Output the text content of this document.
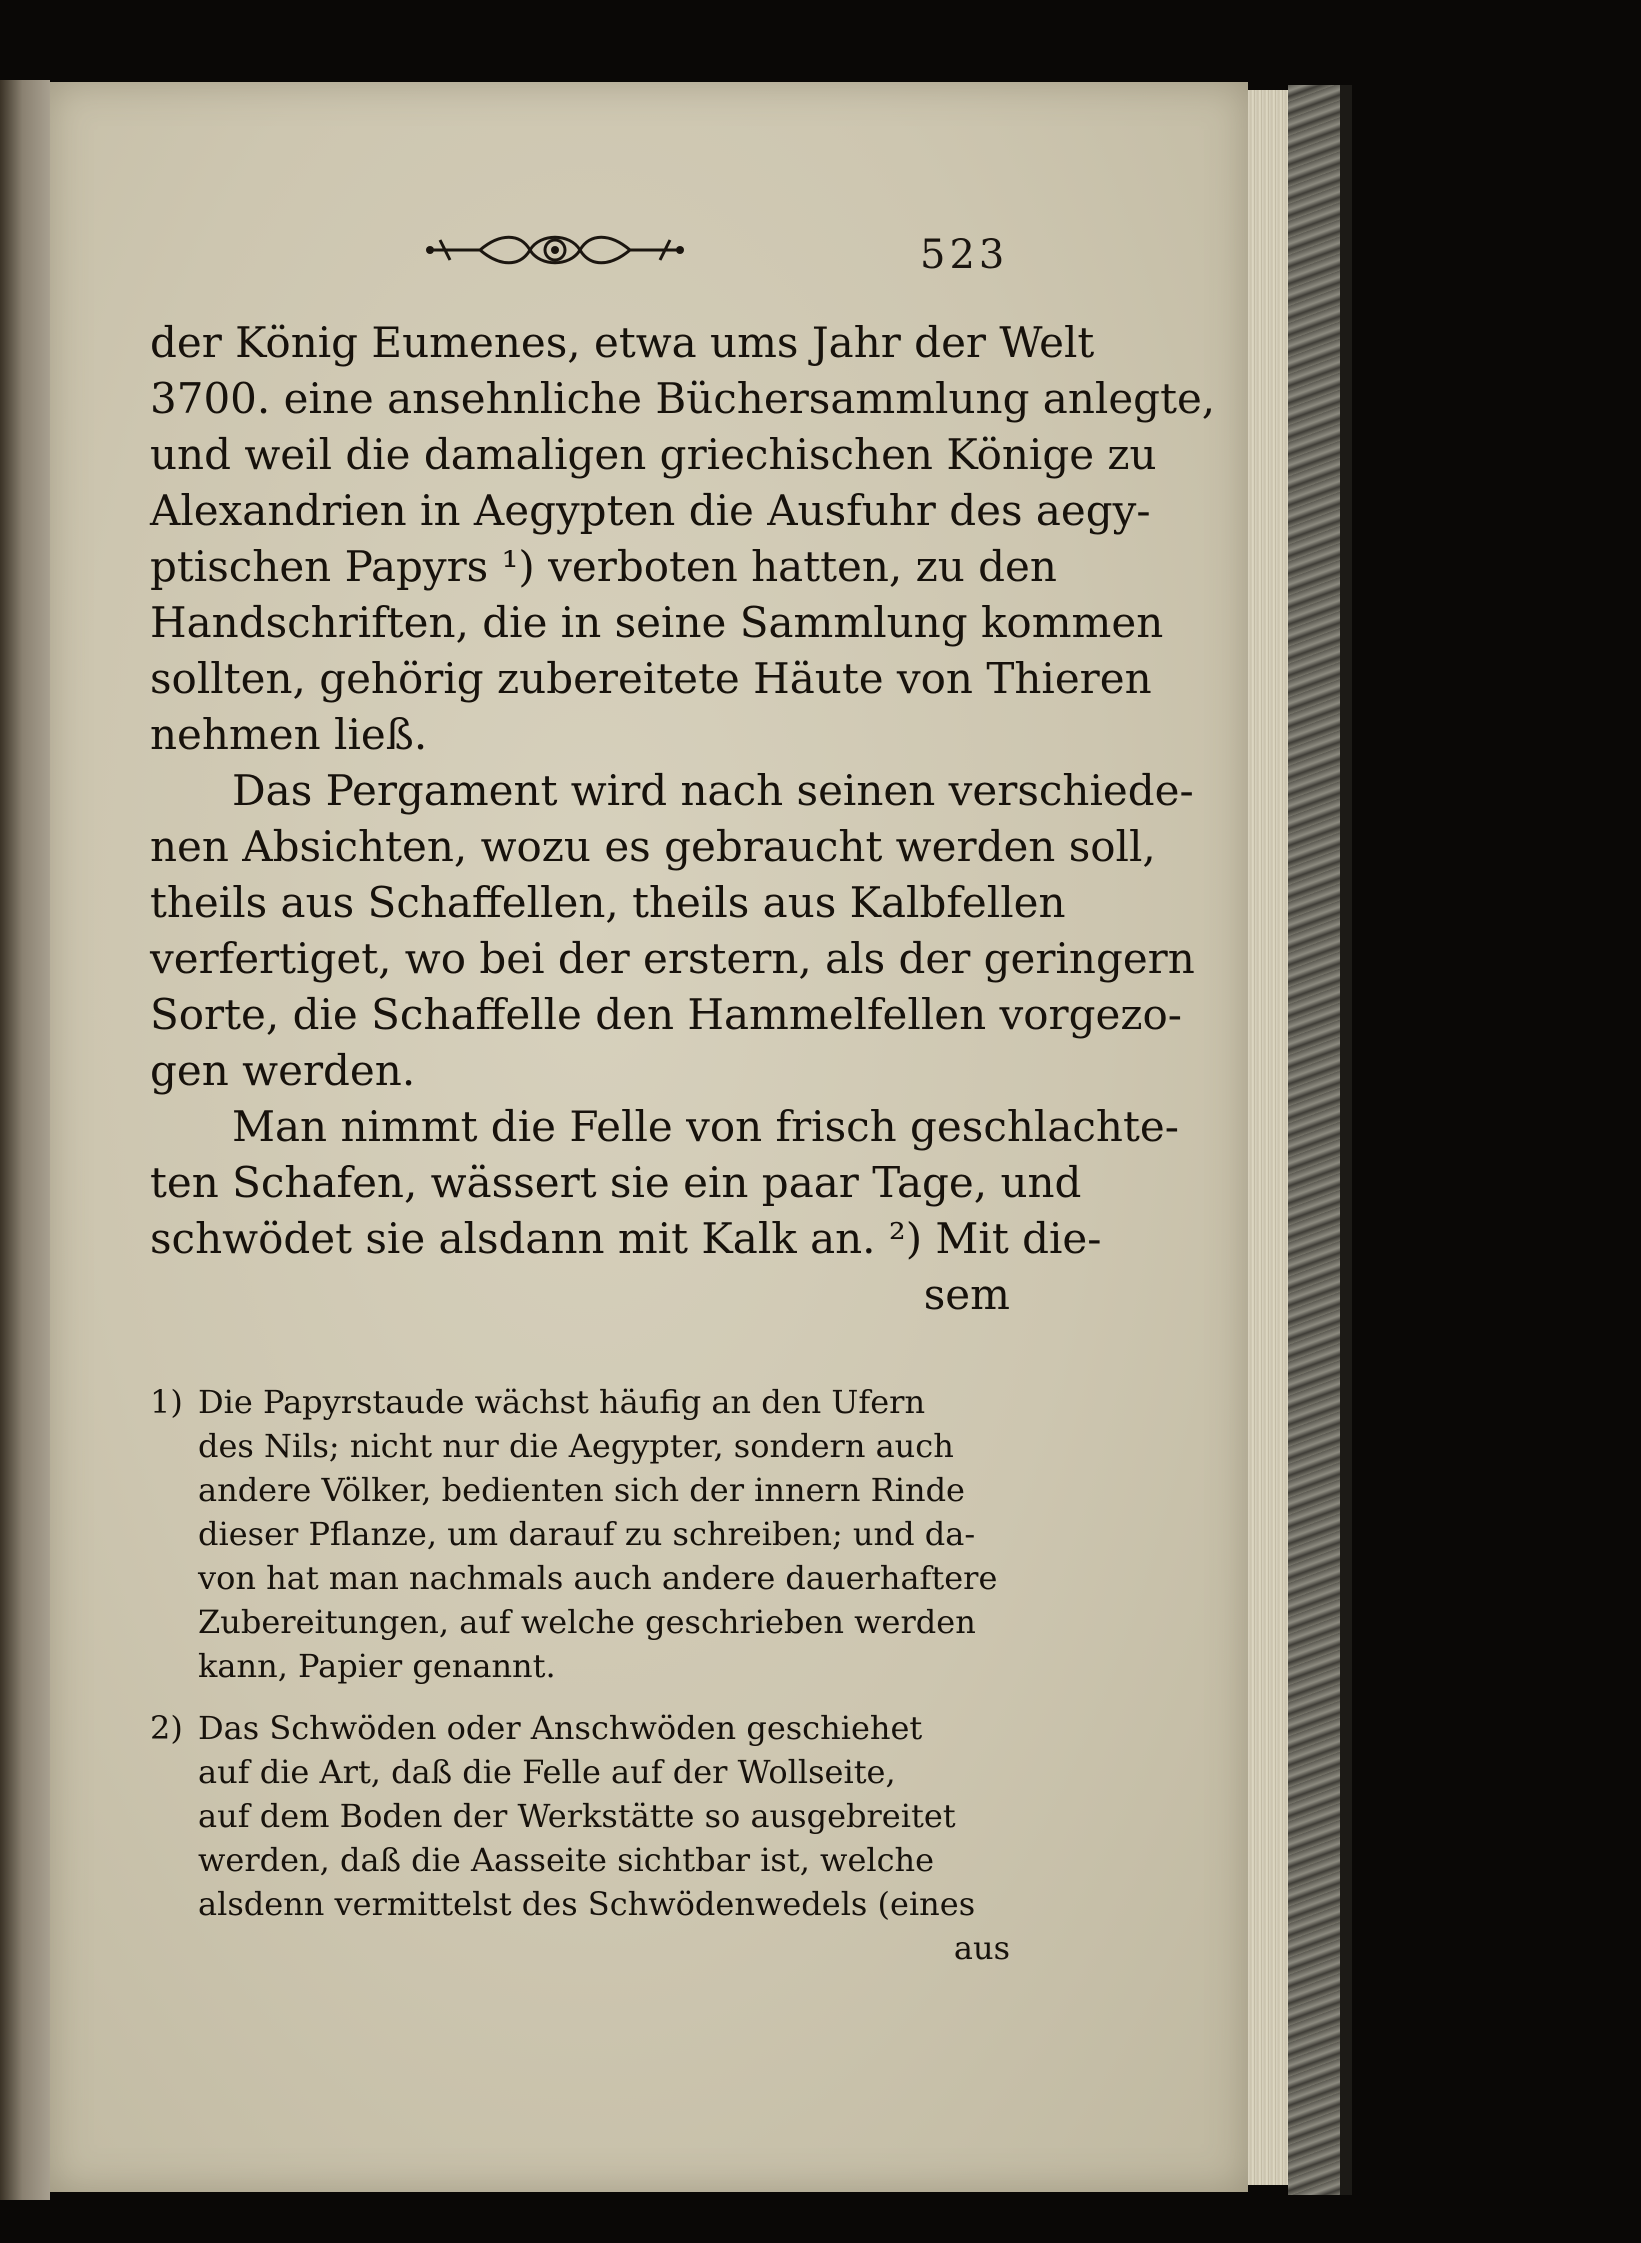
523
der König Eumenes, etwa ums Jahr der Welt
3700. eine ansehnliche Büchersammlung anlegte,
und weil die damaligen griechischen Könige zu
Alexandrien in Aegypten die Ausfuhr des aegy-
ptischen Papyrs ¹) verboten hatten, zu den
Handschriften, die in seine Sammlung kommen
sollten, gehörig zubereitete Häute von Thieren
nehmen ließ.
Das Pergament wird nach seinen verschiede-
nen Absichten, wozu es gebraucht werden soll,
theils aus Schaffellen, theils aus Kalbfellen
verfertiget, wo bei der erstern, als der geringern
Sorte, die Schaffelle den Hammelfellen vorgezo-
gen werden.
Man nimmt die Felle von frisch geschlachte-
ten Schafen, wässert sie ein paar Tage, und
schwödet sie alsdann mit Kalk an. ²) Mit die-
sem
1) Die Papyrstaude wächst häufig an den Ufern
des Nils; nicht nur die Aegypter, sondern auch
andere Völker, bedienten sich der innern Rinde
dieser Pflanze, um darauf zu schreiben; und da-
von hat man nachmals auch andere dauerhaftere
Zubereitungen, auf welche geschrieben werden
kann, Papier genannt.
2) Das Schwöden oder Anschwöden geschiehet
auf die Art, daß die Felle auf der Wollseite,
auf dem Boden der Werkstätte so ausgebreitet
werden, daß die Aasseite sichtbar ist, welche
alsdenn vermittelst des Schwödenwedels (eines
aus
